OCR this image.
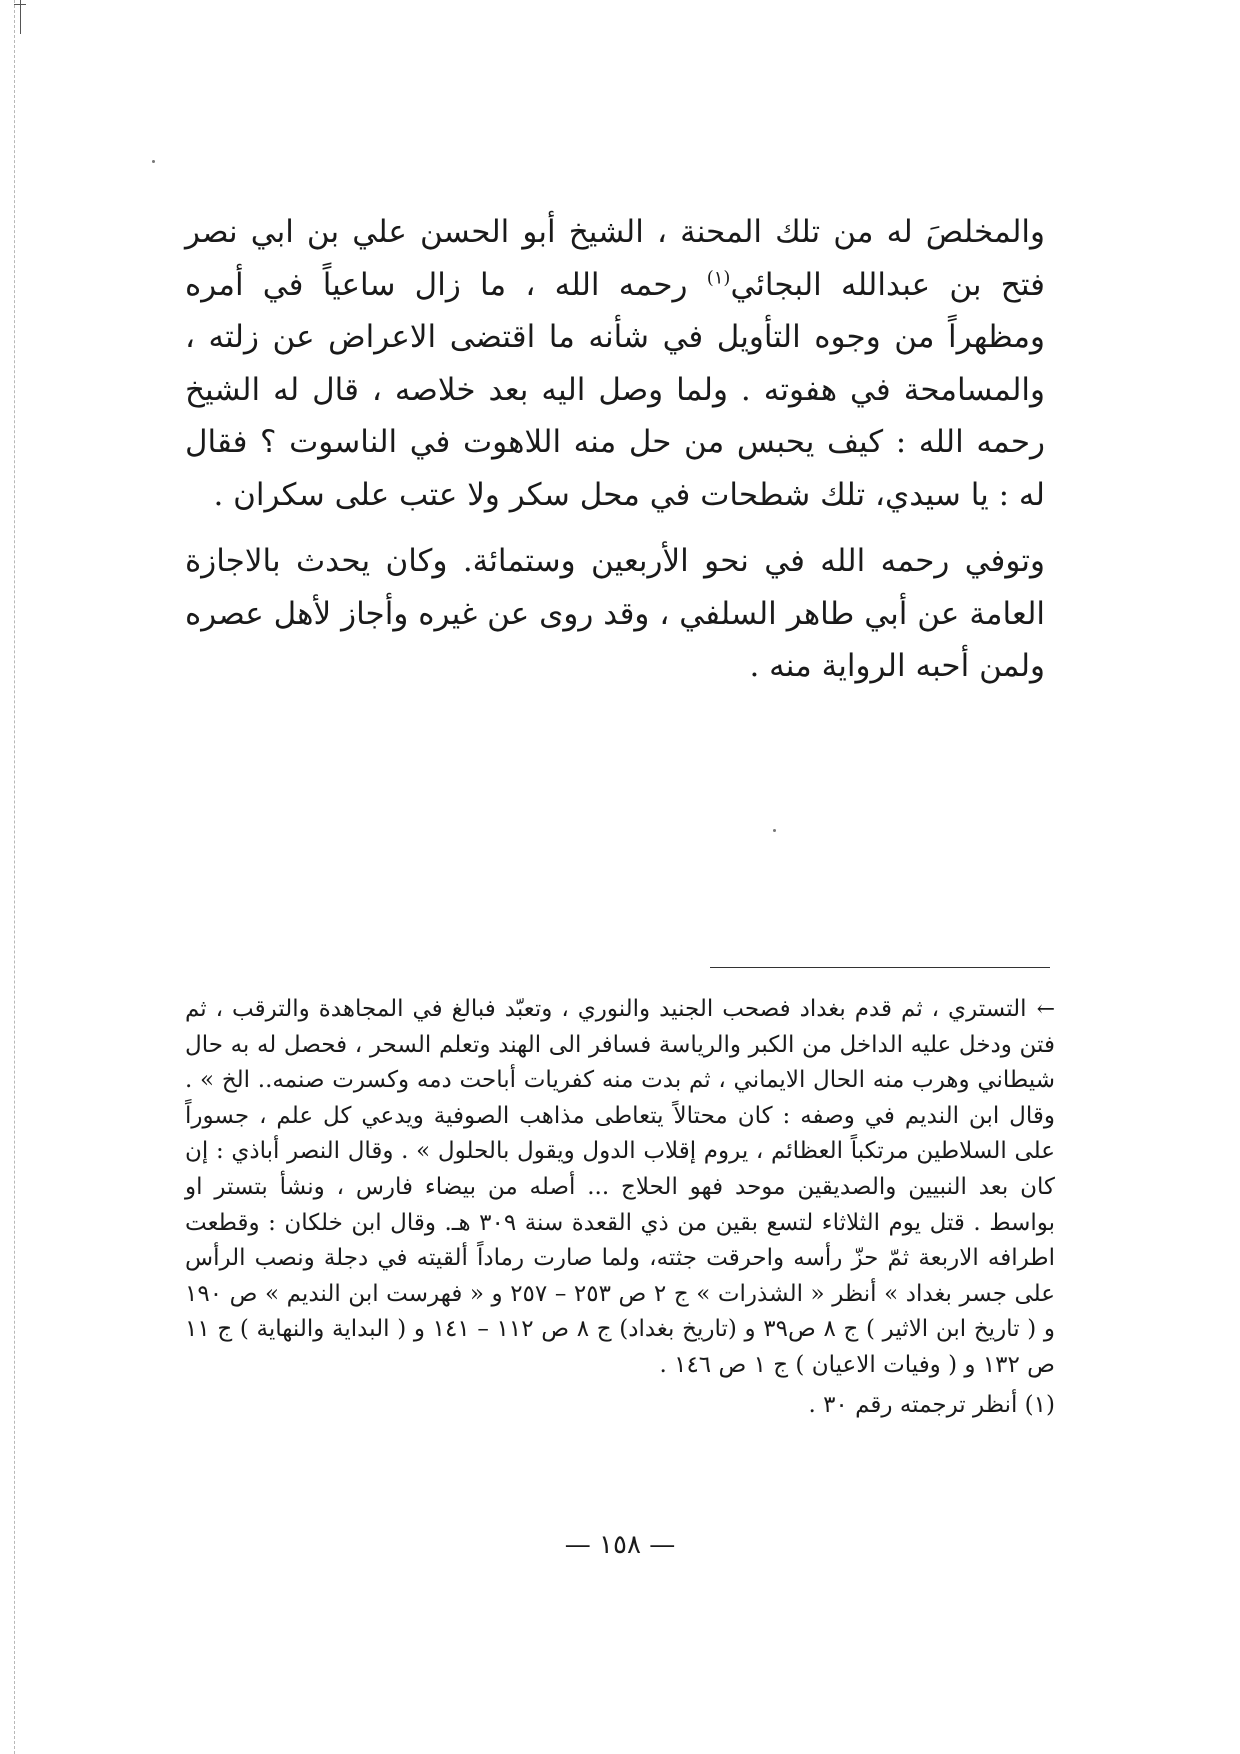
والمخلصَ له من تلك المحنة ، الشيخ أبو الحسن علي بن ابي نصر فتح بن عبدالله البجائي$^{(١)}$ رحمه الله ، ما زال ساعياً في أمره ومظهراً من وجوه التأويل في شأنه ما اقتضى الاعراض عن زلته ، والمسامحة في هفوته . ولما وصل اليه بعد خلاصه ، قال له الشيخ رحمه الله : كيف يحبس من حل منه اللاهوت في الناسوت ؟ فقال له : يا سيدي، تلك شطحات في محل سكر ولا عتب على سكران .

وتوفي رحمه الله في نحو الأربعين وستمائة. وكان يحدث بالاجازة العامة عن أبي طاهر السلفي ، وقد روى عن غيره وأجاز لأهل عصره ولمن أحبه الرواية منه .

←التستري ، ثم قدم بغداد فصحب الجنيد والنوري ، وتعبّد فبالغ في المجاهدة والترقب ، ثم فتن ودخل عليه الداخل من الكبر والرياسة فسافر الى الهند وتعلم السحر ، فحصل له به حال شيطاني وهرب منه الحال الايماني ، ثم بدت منه كفريات أباحت دمه وكسرت صنمه.. الخ » . وقال ابن النديم في وصفه : كان محتالاً يتعاطى مذاهب الصوفية ويدعي كل علم ، جسوراً على السلاطين مرتكباً العظائم ، يروم إقلاب الدول ويقول بالحلول » . وقال النصر أباذي : إن كان بعد النبيين والصديقين موحد فهو الحلاج ... أصله من بيضاء فارس ، ونشأ بتستر او بواسط . قتل يوم الثلاثاء لتسع بقين من ذي القعدة سنة ٣٠٩ هـ. وقال ابن خلكان : وقطعت اطرافه الاربعة ثمّ حزّ رأسه واحرقت جثته، ولما صارت رماداً ألقيته في دجلة ونصب الرأس على جسر بغداد » أنظر « الشذرات » ج ٢ ص ٢٥٣ – ٢٥٧ و « فهرست ابن النديم » ص ١٩٠ و ( تاريخ ابن الاثير ) ج ٨ ص٣٩ و (تاريخ بغداد) ج ٨ ص ١١٢ – ١٤١ و ( البداية والنهاية ) ج ١١ ص ١٣٢ و ( وفيات الاعيان ) ج ١ ص ١٤٦ .

(١) أنظر ترجمته رقم ٣٠ .

— ١٥٨ —
